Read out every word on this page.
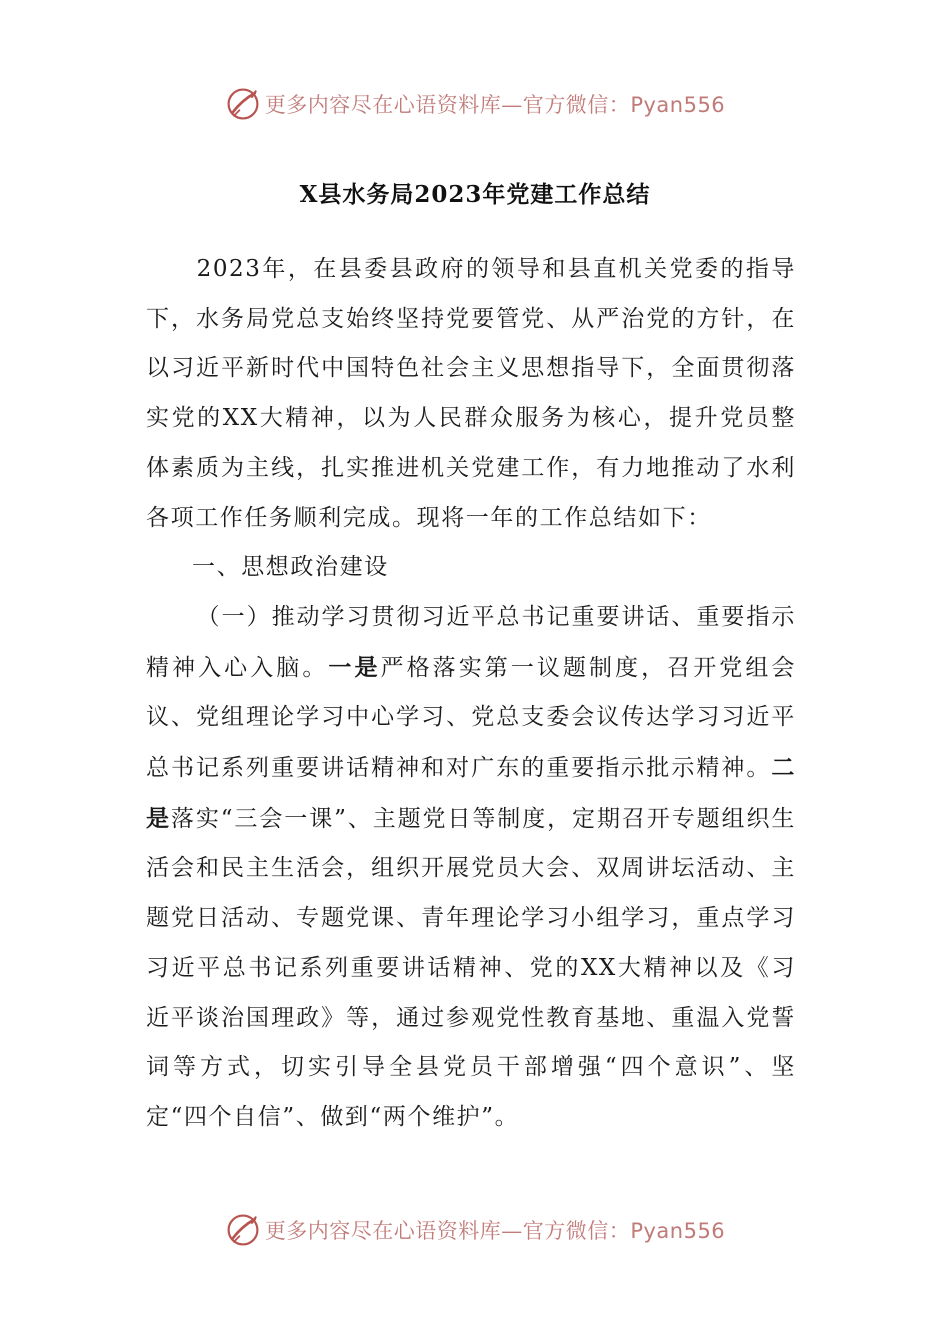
更多内容尽在心语资料库—官方微信：Pyan556
X县水务局2023年党建工作总结

2023年，在县委县政府的领导和县直机关党委的指导下，水务局党总支始终坚持党要管党、从严治党的方针，在以习近平新时代中国特色社会主义思想指导下，全面贯彻落实党的XX大精神，以为人民群众服务为核心，提升党员整体素质为主线，扎实推进机关党建工作，有力地推动了水利各项工作任务顺利完成。现将一年的工作总结如下：

一、思想政治建设

（一）推动学习贯彻习近平总书记重要讲话、重要指示精神入心入脑。一是严格落实第一议题制度，召开党组会议、党组理论学习中心学习、党总支委会议传达学习习近平总书记系列重要讲话精神和对广东的重要指示批示精神。二是落实“三会一课”、主题党日等制度，定期召开专题组织生活会和民主生活会，组织开展党员大会、双周讲坛活动、主题党日活动、专题党课、青年理论学习小组学习，重点学习习近平总书记系列重要讲话精神、党的XX大精神以及《习近平谈治国理政》等，通过参观党性教育基地、重温入党誓词等方式，切实引导全县党员干部增强“四个意识”、坚定“四个自信”、做到“两个维护”。

更多内容尽在心语资料库—官方微信：Pyan556
